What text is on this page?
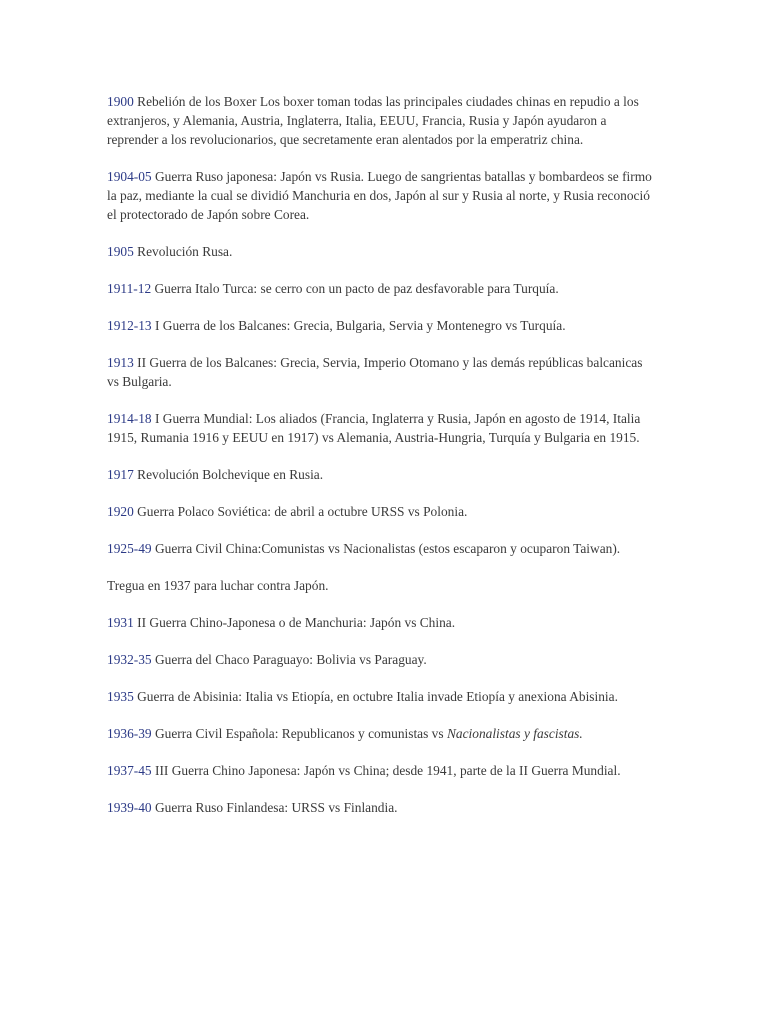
1900 Rebelión de los Boxer Los boxer toman todas las principales ciudades chinas en repudio a los extranjeros, y Alemania, Austria, Inglaterra, Italia, EEUU, Francia, Rusia y Japón ayudaron a reprender a los revolucionarios, que secretamente eran alentados por la emperatriz china.

1904-05 Guerra Ruso japonesa: Japón vs Rusia. Luego de sangrientas batallas y bombardeos se firmo la paz, mediante la cual se dividió Manchuria en dos, Japón al sur y Rusia al norte, y Rusia reconoció el protectorado de Japón sobre Corea.

1905 Revolución Rusa.

1911-12 Guerra Italo Turca: se cerro con un pacto de paz desfavorable para Turquía.

1912-13 I Guerra de los Balcanes: Grecia, Bulgaria, Servia y Montenegro vs Turquía.

1913 II Guerra de los Balcanes: Grecia, Servia, Imperio Otomano y las demás repúblicas balcanicas vs Bulgaria.

1914-18 I Guerra Mundial: Los aliados (Francia, Inglaterra y Rusia, Japón en agosto de 1914, Italia 1915, Rumania 1916 y EEUU en 1917) vs Alemania, Austria-Hungria, Turquía y Bulgaria en 1915.

1917 Revolución Bolchevique en Rusia.

1920 Guerra Polaco Soviética: de abril a octubre URSS vs Polonia.

1925-49 Guerra Civil China:Comunistas vs Nacionalistas (estos escaparon y ocuparon Taiwan).

Tregua en 1937 para luchar contra Japón.

1931 II Guerra Chino-Japonesa o de Manchuria: Japón vs China.

1932-35 Guerra del Chaco Paraguayo: Bolivia vs Paraguay.

1935 Guerra de Abisinia: Italia vs Etiopía, en octubre Italia invade Etiopía y anexiona Abisinia.

1936-39 Guerra Civil Española: Republicanos y comunistas vs Nacionalistas y fascistas.

1937-45 III Guerra Chino Japonesa: Japón vs China; desde 1941, parte de la II Guerra Mundial.

1939-40 Guerra Ruso Finlandesa: URSS vs Finlandia.
